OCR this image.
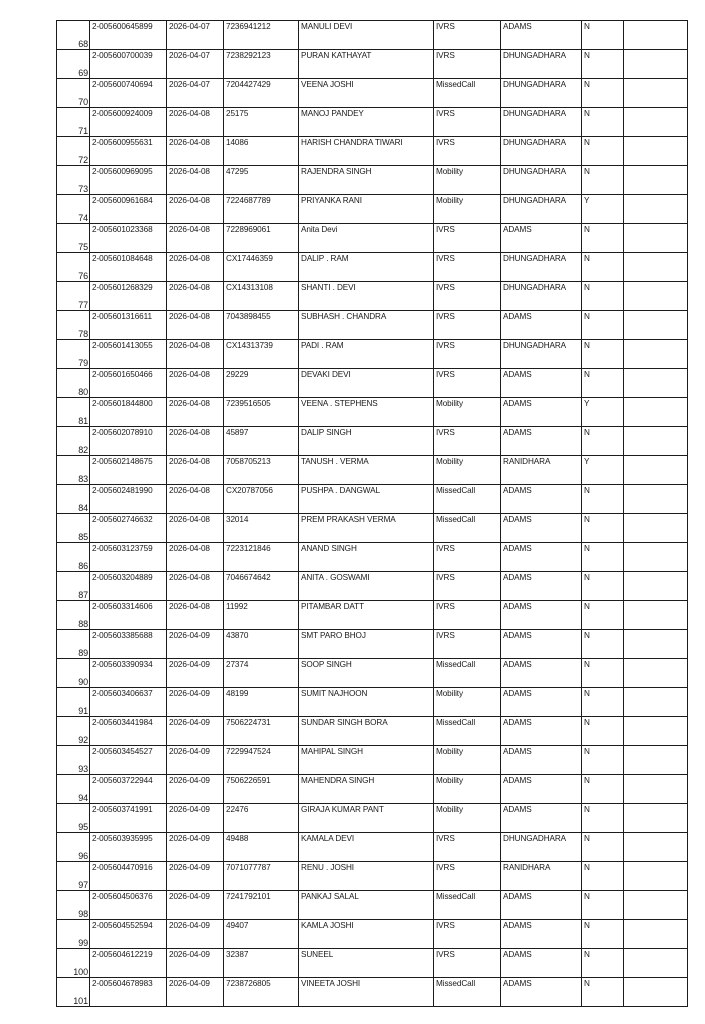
68	2-005600645899	2026-04-07	7236941212	MANULI DEVI	IVRS	ADAMS	N	
69	2-005600700039	2026-04-07	7238292123	PURAN KATHAYAT	IVRS	DHUNGADHARA	N	
70	2-005600740694	2026-04-07	7204427429	VEENA JOSHI	MissedCall	DHUNGADHARA	N	
71	2-005600924009	2026-04-08	25175	MANOJ PANDEY	IVRS	DHUNGADHARA	N	
72	2-005600955631	2026-04-08	14086	HARISH CHANDRA TIWARI	IVRS	DHUNGADHARA	N	
73	2-005600969095	2026-04-08	47295	RAJENDRA SINGH	Mobility	DHUNGADHARA	N	
74	2-005600961684	2026-04-08	7224687789	PRIYANKA RANI	Mobility	DHUNGADHARA	Y	
75	2-005601023368	2026-04-08	7228969061	Anita Devi	IVRS	ADAMS	N	
76	2-005601084648	2026-04-08	CX17446359	DALIP . RAM	IVRS	DHUNGADHARA	N	
77	2-005601268329	2026-04-08	CX14313108	SHANTI . DEVI	IVRS	DHUNGADHARA	N	
78	2-005601316611	2026-04-08	7043898455	SUBHASH . CHANDRA	IVRS	ADAMS	N	
79	2-005601413055	2026-04-08	CX14313739	PADI . RAM	IVRS	DHUNGADHARA	N	
80	2-005601650466	2026-04-08	29229	DEVAKI DEVI	IVRS	ADAMS	N	
81	2-005601844800	2026-04-08	7239516505	VEENA . STEPHENS	Mobility	ADAMS	Y	
82	2-005602078910	2026-04-08	45897	DALIP SINGH	IVRS	ADAMS	N	
83	2-005602148675	2026-04-08	7058705213	TANUSH . VERMA	Mobility	RANIDHARA	Y	
84	2-005602481990	2026-04-08	CX20787056	PUSHPA . DANGWAL	MissedCall	ADAMS	N	
85	2-005602746632	2026-04-08	32014	PREM PRAKASH VERMA	MissedCall	ADAMS	N	
86	2-005603123759	2026-04-08	7223121846	ANAND SINGH	IVRS	ADAMS	N	
87	2-005603204889	2026-04-08	7046674642	ANITA . GOSWAMI	IVRS	ADAMS	N	
88	2-005603314606	2026-04-08	11992	PITAMBAR DATT	IVRS	ADAMS	N	
89	2-005603385688	2026-04-09	43870	SMT PARO BHOJ	IVRS	ADAMS	N	
90	2-005603390934	2026-04-09	27374	SOOP SINGH	MissedCall	ADAMS	N	
91	2-005603406637	2026-04-09	48199	SUMIT NAJHOON	Mobility	ADAMS	N	
92	2-005603441984	2026-04-09	7506224731	SUNDAR SINGH BORA	MissedCall	ADAMS	N	
93	2-005603454527	2026-04-09	7229947524	MAHIPAL SINGH	Mobility	ADAMS	N	
94	2-005603722944	2026-04-09	7506226591	MAHENDRA SINGH	Mobility	ADAMS	N	
95	2-005603741991	2026-04-09	22476	GIRAJA KUMAR PANT	Mobility	ADAMS	N	
96	2-005603935995	2026-04-09	49488	KAMALA DEVI	IVRS	DHUNGADHARA	N	
97	2-005604470916	2026-04-09	7071077787	RENU . JOSHI	IVRS	RANIDHARA	N	
98	2-005604506376	2026-04-09	7241792101	PANKAJ SALAL	MissedCall	ADAMS	N	
99	2-005604552594	2026-04-09	49407	KAMLA JOSHI	IVRS	ADAMS	N	
100	2-005604612219	2026-04-09	32387	SUNEEL	IVRS	ADAMS	N	
101	2-005604678983	2026-04-09	7238726805	VINEETA JOSHI	MissedCall	ADAMS	N	
